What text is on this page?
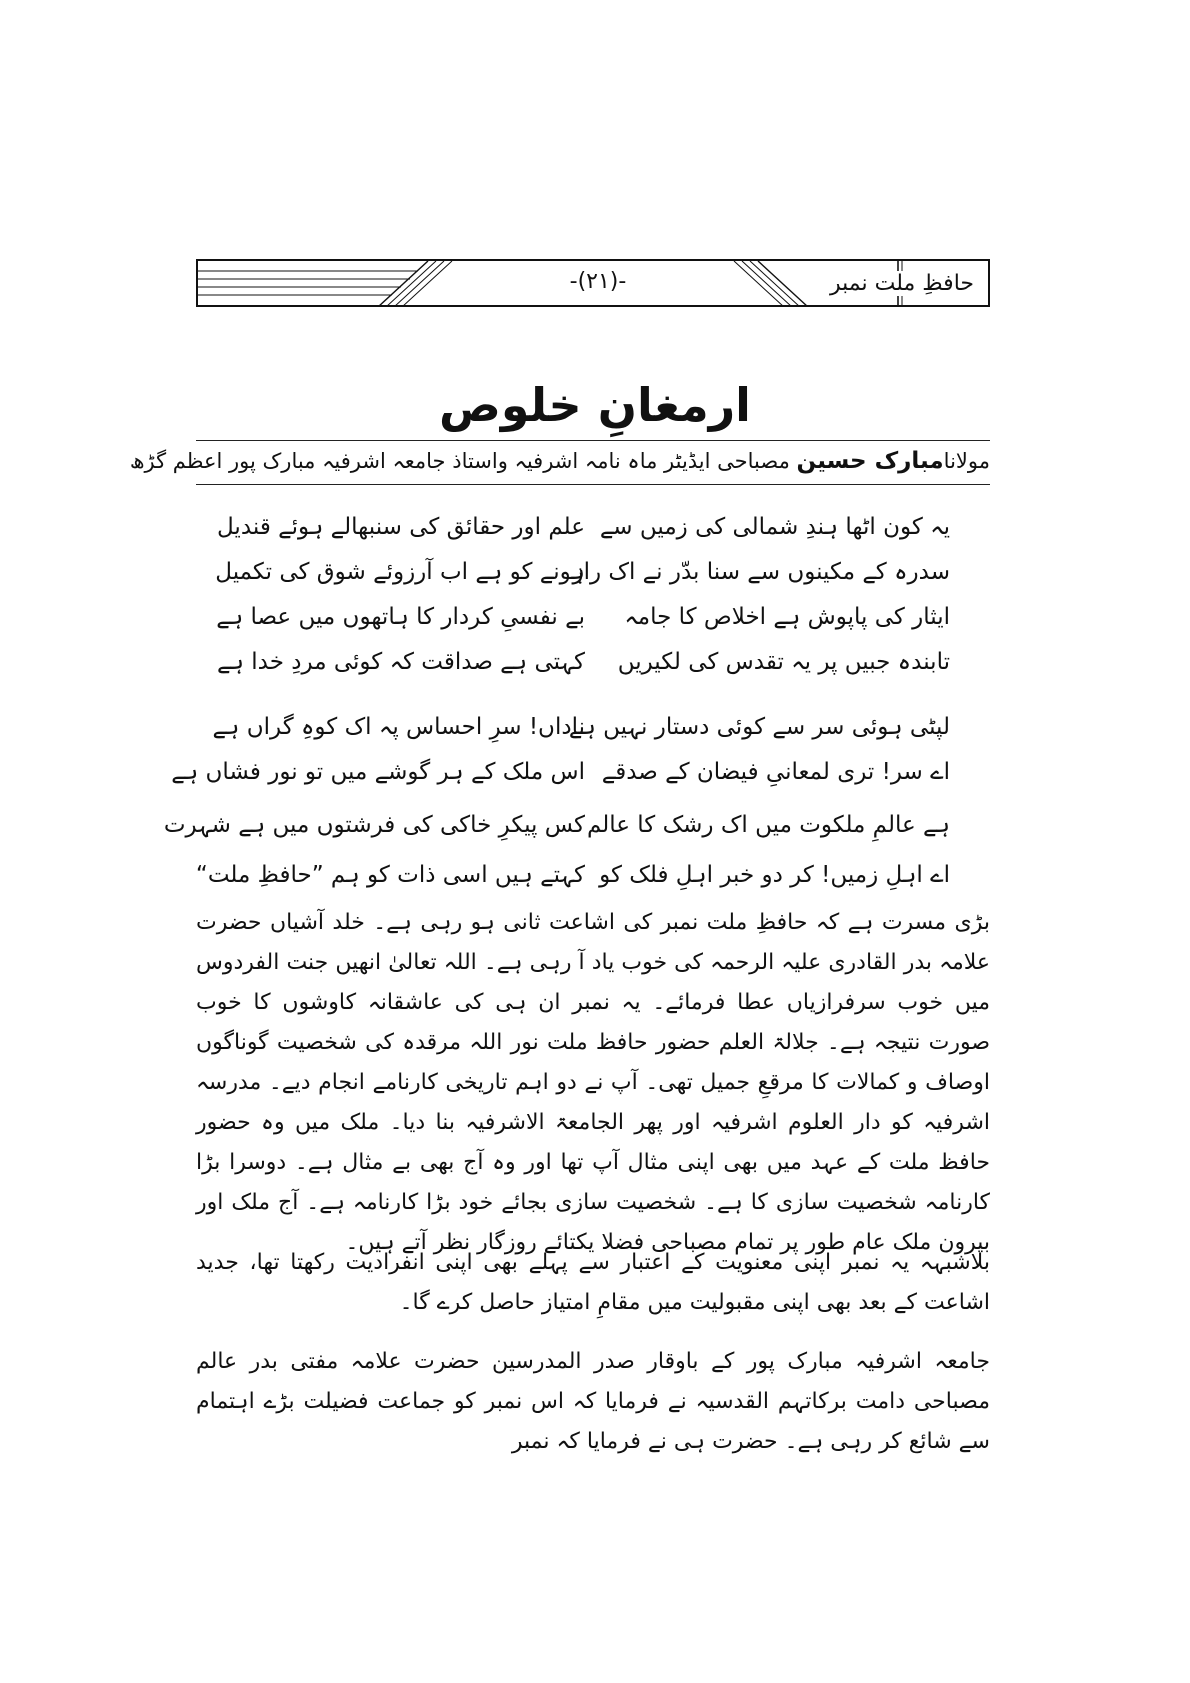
-(۲۱)-	حافظِ ملت نمبر
ارمغانِ خلوص
مولانامبارک حسین مصباحی ایڈیٹر ماہ نامہ اشرفیہ واستاذ جامعہ اشرفیہ مبارک پور اعظم گڑھ
یہ کون اٹھا ہندِ شمالی کی زمیں سے
علم اور حقائق کی سنبھالے ہوئے قندیل
سدرہ کے مکینوں سے سنا بدّر نے اک راز
ہونے کو ہے اب آرزوئے شوق کی تکمیل
ایثار کی پاپوش ہے اخلاص کا جامہ
بے نفسیِ کردار کا ہاتھوں میں عصا ہے
تابندہ جبیں پر یہ تقدس کی لکیریں
کہتی ہے صداقت کہ کوئی مردِ خدا ہے
لپٹی ہوئی سر سے کوئی دستار نہیں ہے
ناداں! سرِ احساس پہ اک کوہِ گراں ہے
اے سر! تری لمعانیِ فیضان کے صدقے
اس ملک کے ہر گوشے میں تو نور فشاں ہے
ہے عالمِ ملکوت میں اک رشک کا عالم
کس پیکرِ خاکی کی فرشتوں میں ہے شہرت
اے اہلِ زمیں! کر دو خبر اہلِ فلک کو
کہتے ہیں اسی ذات کو ہم ”حافظِ ملت“

بڑی مسرت ہے کہ حافظِ ملت نمبر کی اشاعت ثانی ہو رہی ہے۔ خلد آشیاں حضرت علامہ بدر القادری علیہ الرحمہ کی خوب یاد آ رہی ہے۔ اللہ تعالیٰ انھیں جنت الفردوس میں خوب سرفرازیاں عطا فرمائے۔ یہ نمبر ان ہی کی عاشقانہ کاوشوں کا خوب صورت نتیجہ ہے۔ جلالۃ العلم حضور حافظ ملت نور اللہ مرقدہ کی شخصیت گوناگوں اوصاف و کمالات کا مرقعِ جمیل تھی۔ آپ نے دو اہم تاریخی کارنامے انجام دیے۔ مدرسہ اشرفیہ کو دار العلوم اشرفیہ اور پھر الجامعۃ الاشرفیہ بنا دیا۔ ملک میں وہ حضور حافظ ملت کے عہد میں بھی اپنی مثال آپ تھا اور وہ آج بھی بے مثال ہے۔ دوسرا بڑا کارنامہ شخصیت سازی کا ہے۔ شخصیت سازی بجائے خود بڑا کارنامہ ہے۔ آج ملک اور بیرون ملک عام طور پر تمام مصباحی فضلا یکتائے روزگار نظر آتے ہیں۔

بلاشبہہ یہ نمبر اپنی معنویت کے اعتبار سے پہلے بھی اپنی انفرادیت رکھتا تھا، جدید اشاعت کے بعد بھی اپنی مقبولیت میں مقامِ امتیاز حاصل کرے گا۔

جامعہ اشرفیہ مبارک پور کے باوقار صدر المدرسین حضرت علامہ مفتی بدر عالم مصباحی دامت برکاتہم القدسیہ نے فرمایا کہ اس نمبر کو جماعت فضیلت بڑے اہتمام سے شائع کر رہی ہے۔ حضرت ہی نے فرمایا کہ نمبر
